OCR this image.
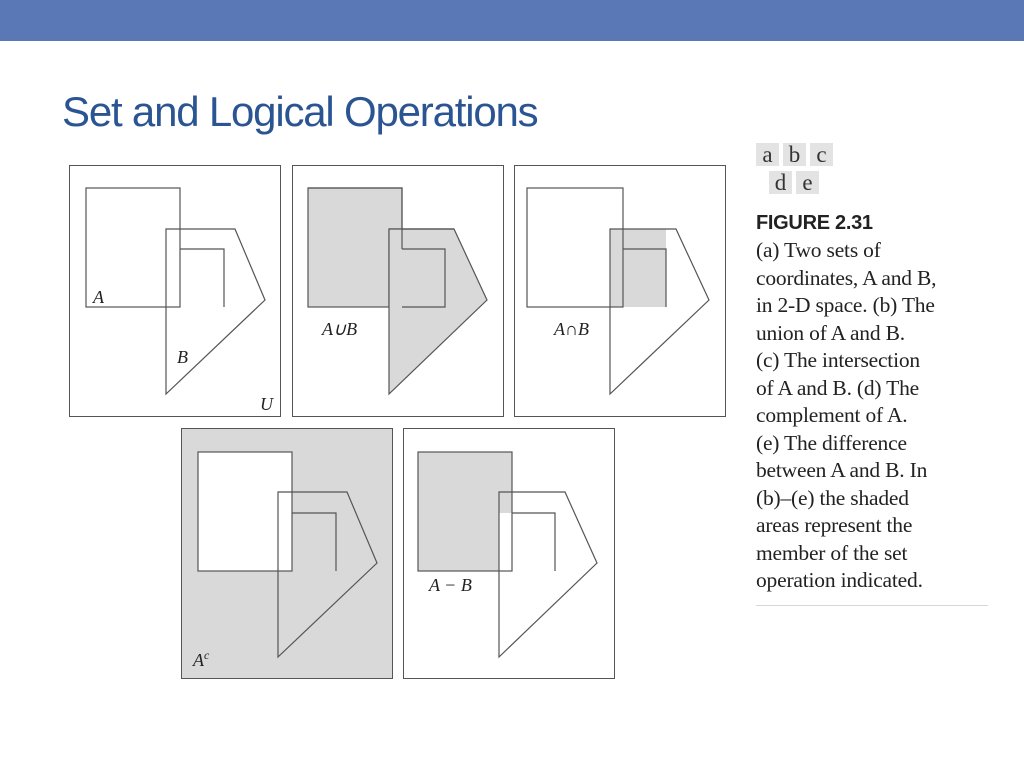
Set and Logical Operations
A
B
U
A∪B	A∩B
$A^c$
A − B
a b c
d e
FIGURE 2.31
(a) Two sets of
coordinates, A and B,
in 2-D space. (b) The
union of A and B.
(c) The intersection
of A and B. (d) The
complement of A.
(e) The difference
between A and B. In
(b)–(e) the shaded
areas represent the
member of the set
operation indicated.
